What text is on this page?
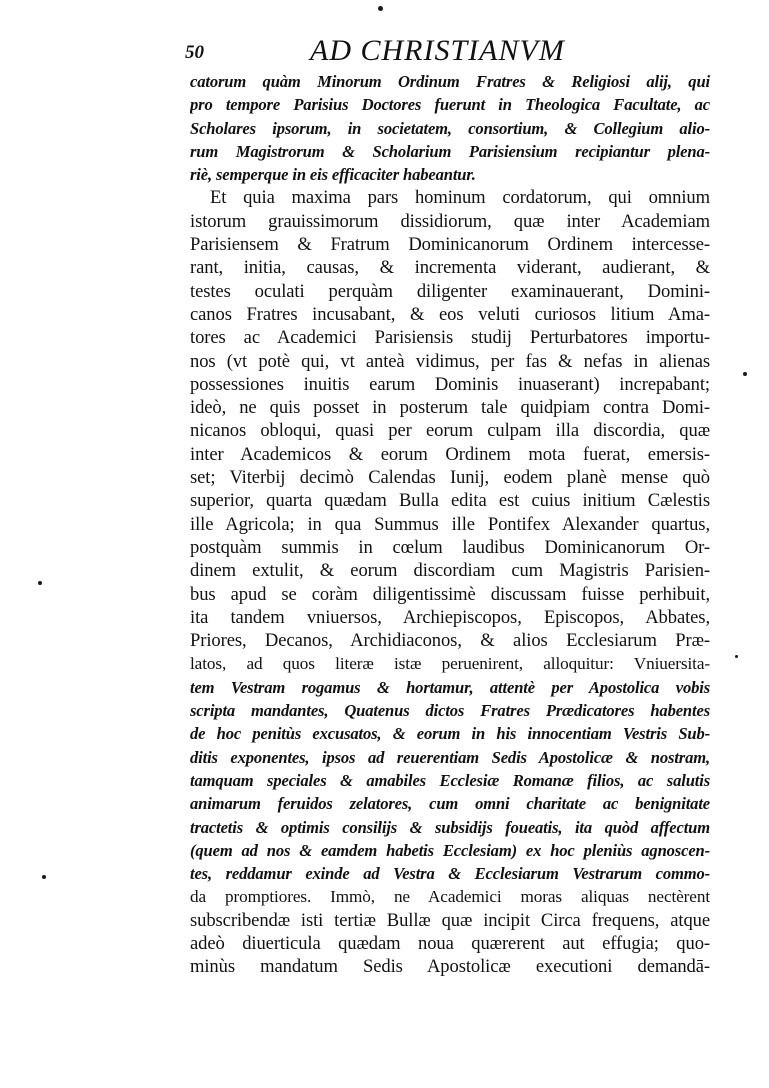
50	AD CHRISTIANVM
catorum quàm Minorum Ordinum Fratres & Religiosi alij, qui
pro tempore Parisius Doctores fuerunt in Theologica Facultate, ac
Scholares ipsorum, in societatem, consortium, & Collegium alio-
rum Magistrorum & Scholarium Parisiensium recipiantur plena-
riè, semperque in eis efficaciter habeantur.
Et quia maxima pars hominum cordatorum, qui omnium
istorum grauissimorum dissidiorum, quæ inter Academiam
Parisiensem & Fratrum Dominicanorum Ordinem intercesse-
rant, initia, causas, & incrementa viderant, audierant, &
testes oculati perquàm diligenter examinauerant, Domini-
canos Fratres incusabant, & eos veluti curiosos litium Ama-
tores ac Academici Parisiensis studij Perturbatores importu-
nos (vt potè qui, vt anteà vidimus, per fas & nefas in alienas
possessiones inuitis earum Dominis inuaserant) increpabant;
ideò, ne quis posset in posterum tale quidpiam contra Domi-
nicanos obloqui, quasi per eorum culpam illa discordia, quæ
inter Academicos & eorum Ordinem mota fuerat, emersis-
set; Viterbij decimò Calendas Iunij, eodem planè mense quò
superior, quarta quædam Bulla edita est cuius initium Cælestis
ille Agricola; in qua Summus ille Pontifex Alexander quartus,
postquàm summis in cœlum laudibus Dominicanorum Or-
dinem extulit, & eorum discordiam cum Magistris Parisien-
bus apud se coràm diligentissimè discussam fuisse perhibuit,
ita tandem vniuersos, Archiepiscopos, Episcopos, Abbates,
Priores, Decanos, Archidiaconos, & alios Ecclesiarum Præ-
latos, ad quos literæ istæ peruenirent, alloquitur: Vniuersita-
tem Vestram rogamus & hortamur, attentè per Apostolica vobis
scripta mandantes, Quatenus dictos Fratres Prædicatores habentes
de hoc penitùs excusatos, & eorum in his innocentiam Vestris Sub-
ditis exponentes, ipsos ad reuerentiam Sedis Apostolicæ & nostram,
tamquam speciales & amabiles Ecclesiæ Romanæ filios, ac salutis
animarum feruidos zelatores, cum omni charitate ac benignitate
tractetis & optimis consilijs & subsidijs foueatis, ita quòd affectum
(quem ad nos & eamdem habetis Ecclesiam) ex hoc pleniùs agnoscen-
tes, reddamur exinde ad Vestra & Ecclesiarum Vestrarum commo-
da promptiores. Immò, ne Academici moras aliquas nectèrent
subscribendæ isti tertiæ Bullæ quæ incipit Circa frequens, atque
adeò diuerticula quædam noua quærerent aut effugia; quo-
minùs mandatum Sedis Apostolicæ executioni demandā-
